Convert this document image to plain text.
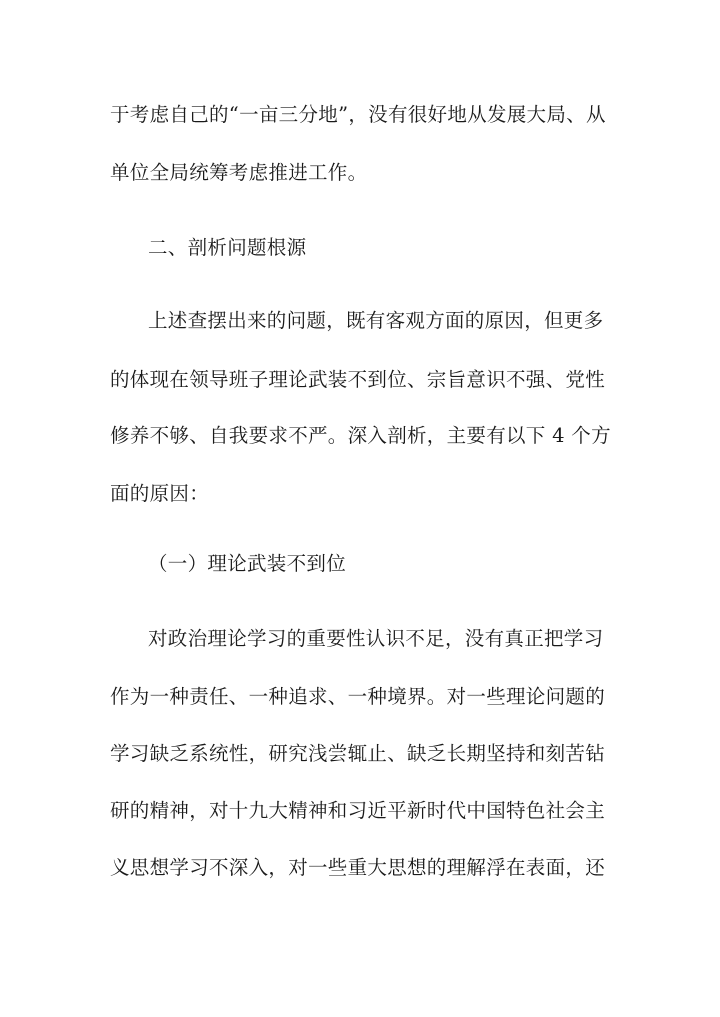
于考虑自己的“一亩三分地”，没有很好地从发展大局、从
单位全局统筹考虑推进工作。
二、剖析问题根源
上述查摆出来的问题，既有客观方面的原因，但更多
的体现在领导班子理论武装不到位、宗旨意识不强、党性
修养不够、自我要求不严。深入剖析，主要有以下 4 个方
面的原因：
（一）理论武装不到位
对政治理论学习的重要性认识不足，没有真正把学习
作为一种责任、一种追求、一种境界。对一些理论问题的
学习缺乏系统性，研究浅尝辄止、缺乏长期坚持和刻苦钻
研的精神，对十九大精神和习近平新时代中国特色社会主
义思想学习不深入，对一些重大思想的理解浮在表面，还
